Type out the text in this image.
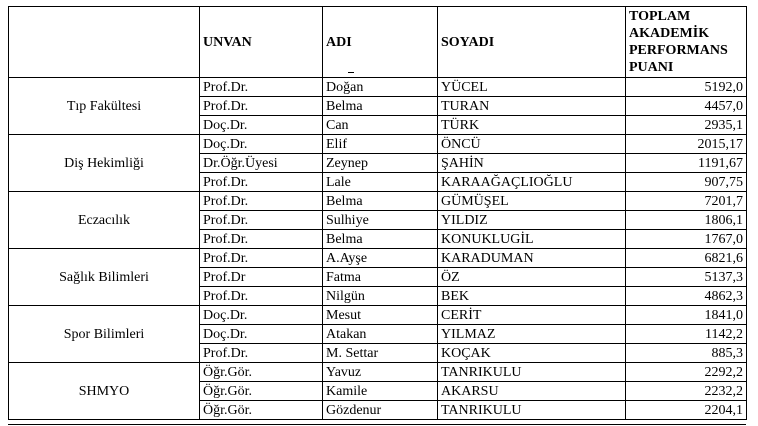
	UNVAN	ADI	SOYADI	TOPLAM
AKADEMİK
PERFORMANS
PUANI

Tıp Fakültesi	Prof.Dr.	Doğan	YÜCEL	5192,0
	Prof.Dr.	Belma	TURAN	4457,0
	Doç.Dr.	Can	TÜRK	2935,1
Diş Hekimliği	Doç.Dr.	Elif	ÖNCÜ	2015,17
	Dr.Öğr.Üyesi	Zeynep	ŞAHİN	1191,67
	Prof.Dr.	Lale	KARAAĞAÇLIOĞLU	907,75
Eczacılık	Prof.Dr.	Belma	GÜMÜŞEL	7201,7
	Prof.Dr.	Sulhiye	YILDIZ	1806,1
	Prof.Dr.	Belma	KONUKLUGİL	1767,0
Sağlık Bilimleri	Prof.Dr.	A.Ayşe	KARADUMAN	6821,6
	Prof.Dr	Fatma	ÖZ	5137,3
	Prof.Dr.	Nilgün	BEK	4862,3
Spor Bilimleri	Doç.Dr.	Mesut	CERİT	1841,0
	Doç.Dr.	Atakan	YILMAZ	1142,2
	Prof.Dr.	M. Settar	KOÇAK	885,3
SHMYO	Öğr.Gör.	Yavuz	TANRIKULU	2292,2
	Öğr.Gör.	Kamile	AKARSU	2232,2
	Öğr.Gör.	Gözdenur	TANRIKULU	2204,1
